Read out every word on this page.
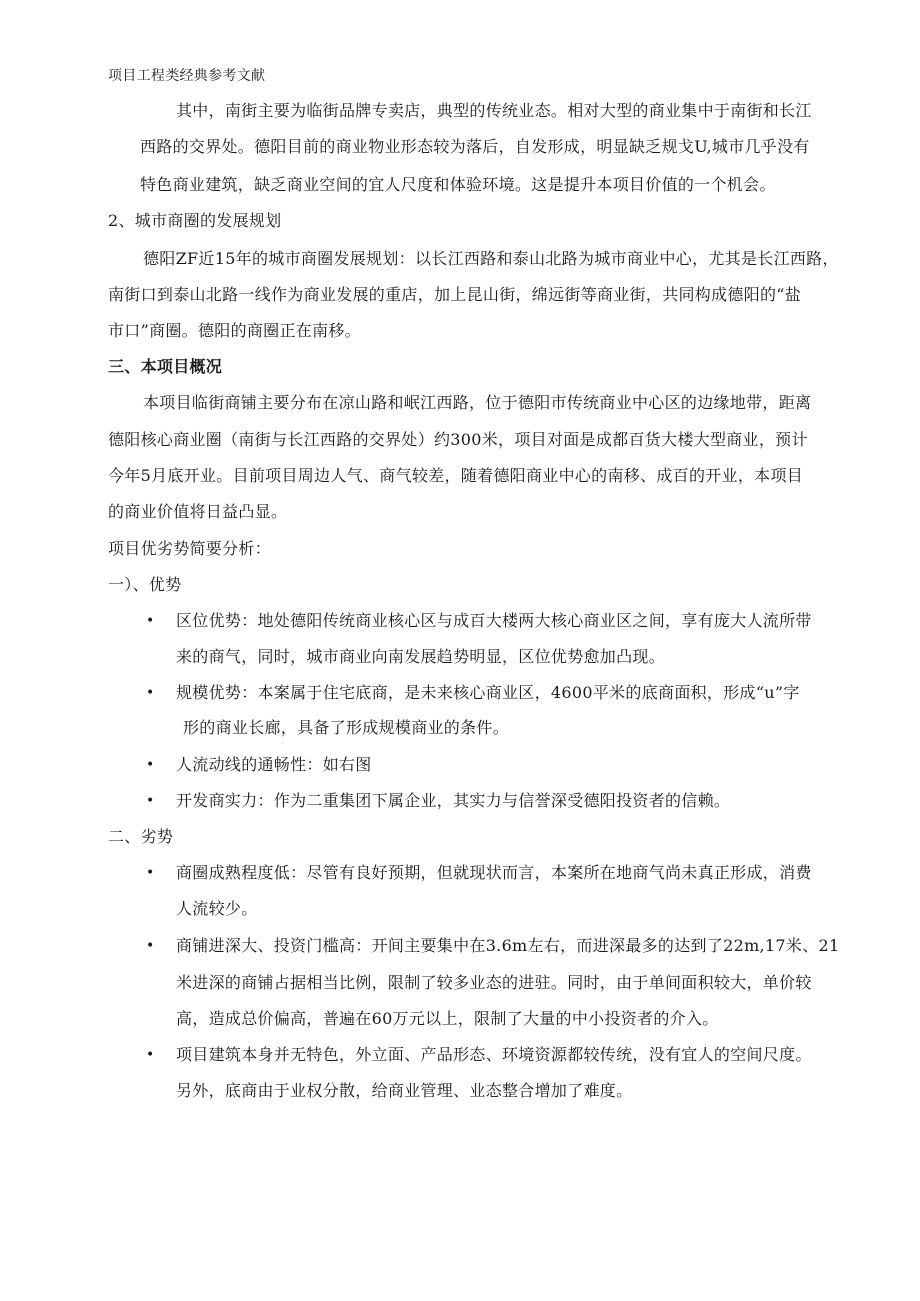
项目工程类经典参考文献
其中，南街主要为临街品牌专卖店，典型的传统业态。相对大型的商业集中于南街和长江
西路的交界处。德阳目前的商业物业形态较为落后，自发形成，明显缺乏规戈U,城市几乎没有
特色商业建筑，缺乏商业空间的宜人尺度和体验环境。这是提升本项目价值的一个机会。
2、城市商圈的发展规划
德阳ZF近15年的城市商圈发展规划：以长江西路和泰山北路为城市商业中心，尤其是长江西路，
南街口到泰山北路一线作为商业发展的重店，加上昆山街，绵远街等商业街，共同构成德阳的“盐
市口”商圈。德阳的商圈正在南移。
三、本项目概况
本项目临街商铺主要分布在凉山路和岷江西路，位于德阳市传统商业中心区的边缘地带，距离
德阳核心商业圈（南街与长江西路的交界处）约300米，项目对面是成都百货大楼大型商业，预计
今年5月底开业。目前项目周边人气、商气较差，随着德阳商业中心的南移、成百的开业，本项目
的商业价值将日益凸显。
项目优劣势简要分析：
一）、优势
• 区位优势：地处德阳传统商业核心区与成百大楼两大核心商业区之间，享有庞大人流所带
来的商气，同时，城市商业向南发展趋势明显，区位优势愈加凸现。
• 规模优势：本案属于住宅底商，是未来核心商业区，4600平米的底商面积，形成“u”字
形的商业长廊，具备了形成规模商业的条件。
• 人流动线的通畅性：如右图
• 开发商实力：作为二重集团下属企业，其实力与信誉深受德阳投资者的信赖。
二、劣势
• 商圈成熟程度低：尽管有良好预期，但就现状而言，本案所在地商气尚未真正形成，消费
人流较少。
• 商铺进深大、投资门槛高：开间主要集中在3.6m左右，而进深最多的达到了22m,17米、21
米进深的商铺占据相当比例，限制了较多业态的进驻。同时，由于单间面积较大，单价较
高，造成总价偏高，普遍在60万元以上，限制了大量的中小投资者的介入。
• 项目建筑本身并无特色，外立面、产品形态、环境资源都较传统，没有宜人的空间尺度。
另外，底商由于业权分散，给商业管理、业态整合增加了难度。
